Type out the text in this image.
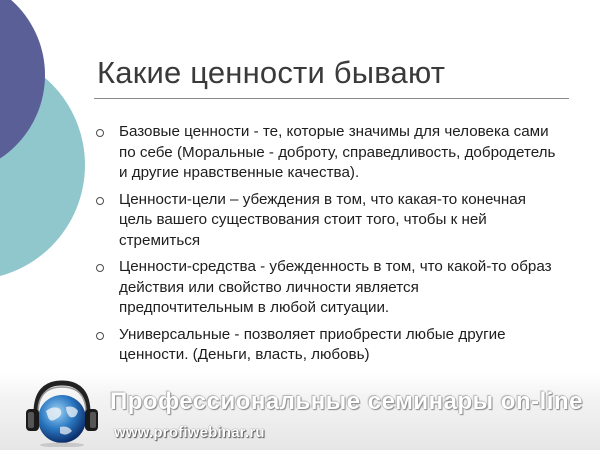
Какие ценности бывают
Базовые ценности - те, которые значимы для человека сами по себе (Моральные - доброту, справедливость, добродетель и другие нравственные качества).
Ценности-цели – убеждения в том, что какая-то конечная цель вашего существования стоит того, чтобы к ней стремиться
Ценности-средства - убежденность в том, что какой-то образ действия или свойство личности является предпочтительным в любой ситуации.
Универсальные - позволяет приобрести любые другие ценности. (Деньги, власть, любовь)
Профессиональные семинары on-line
www.profiwebinar.ru
